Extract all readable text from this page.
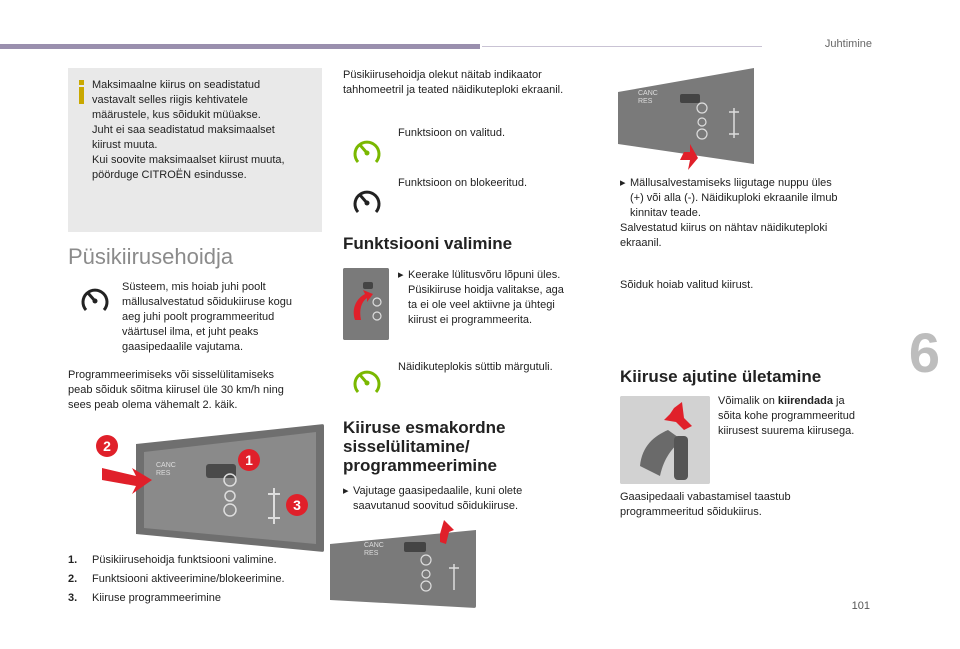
Juhtimine
6
101
Maksimaalne kiirus on seadistatud
vastavalt selles riigis kehtivatele
määrustele, kus sõidukit müüakse.
Juht ei saa seadistatud maksimaalset
kiirust muuta.
Kui soovite maksimaalset kiirust muuta,
pöörduge CITROËN esindusse.
Püsikiirusehoidja
Süsteem, mis hoiab juhi poolt
mällusalvestatud sõidukiiruse kogu
aeg juhi poolt programmeeritud
väärtusel ilma, et juht peaks
gaasipedaalile vajutama.
Programmeerimiseks või sisselülitamiseks
peab sõiduk sõitma kiirusel üle 30 km/h ning
sees peab olema vähemalt 2. käik.
CANC
RES
1
2
3
1. Püsikiirusehoidja funktsiooni valimine.
2. Funktsiooni aktiveerimine/blokeerimine.
3. Kiiruse programmeerimine
Püsikiirusehoidja olekut näitab indikaator
tahhomeetril ja teated näidikuteploki ekraanil.
Funktsioon on valitud.
Funktsioon on blokeeritud.
Funktsiooni valimine
▸ Keerake lülitusvõru lõpuni üles.
Püsikiiruse hoidja valitakse, aga
ta ei ole veel aktiivne ja ühtegi
kiirust ei programmeerita.
Näidikuteplokis süttib märgutuli.
Kiiruse esmakordne
sisselülitamine/
programmeerimine
▸ Vajutage gaasipedaalile, kuni olete
saavutanud soovitud sõidukiiruse.
CANC
RES
CANC
RES
▸ Mällusalvestamiseks liigutage nuppu üles
(+) või alla (-). Näidikuploki ekraanile ilmub
kinnitav teade.
Salvestatud kiirus on nähtav näidikuteploki
ekraanil.
Sõiduk hoiab valitud kiirust.
Kiiruse ajutine ületamine
Võimalik on kiirendada ja
sõita kohe programmeeritud
kiirusest suurema kiirusega.
Gaasipedaali vabastamisel taastub
programmeeritud sõidukiirus.
